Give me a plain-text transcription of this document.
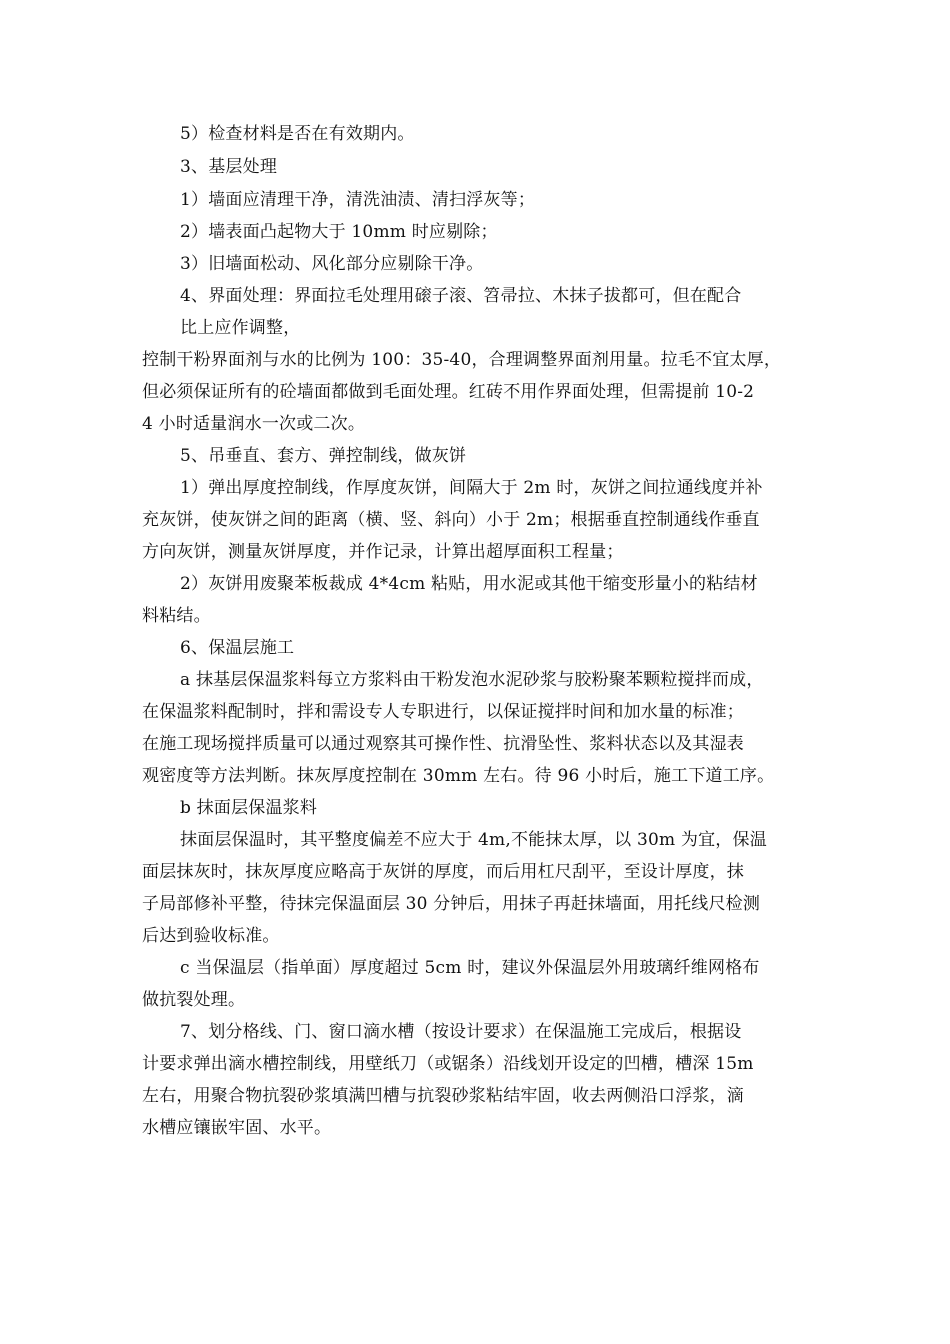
5）检查材料是否在有效期内。
3、基层处理
1）墙面应清理干净，清洗油渍、清扫浮灰等；
2）墙表面凸起物大于 10mm 时应剔除；
3）旧墙面松动、风化部分应剔除干净。
4、界面处理：界面拉毛处理用磙子滚、笤帚拉、木抹子拔都可，但在配合
比上应作调整，
控制干粉界面剂与水的比例为 100：35-40，合理调整界面剂用量。拉毛不宜太厚，
但必须保证所有的砼墙面都做到毛面处理。红砖不用作界面处理，但需提前 10-2
4 小时适量润水一次或二次。
5、吊垂直、套方、弹控制线，做灰饼
1）弹出厚度控制线，作厚度灰饼，间隔大于 2m 时，灰饼之间拉通线度并补
充灰饼，使灰饼之间的距离（横、竖、斜向）小于 2m；根据垂直控制通线作垂直
方向灰饼，测量灰饼厚度，并作记录，计算出超厚面积工程量；
2）灰饼用废聚苯板裁成 4*4cm 粘贴，用水泥或其他干缩变形量小的粘结材
料粘结。
6、保温层施工
a 抹基层保温浆料每立方浆料由干粉发泡水泥砂浆与胶粉聚苯颗粒搅拌而成，
在保温浆料配制时，拌和需设专人专职进行，以保证搅拌时间和加水量的标准；
在施工现场搅拌质量可以通过观察其可操作性、抗滑坠性、浆料状态以及其湿表
观密度等方法判断。抹灰厚度控制在 30mm 左右。待 96 小时后，施工下道工序。
b 抹面层保温浆料
抹面层保温时，其平整度偏差不应大于 4m,不能抹太厚，以 30m 为宜，保温
面层抹灰时，抹灰厚度应略高于灰饼的厚度，而后用杠尺刮平，至设计厚度，抹
子局部修补平整，待抹完保温面层 30 分钟后，用抹子再赶抹墙面，用托线尺检测
后达到验收标准。
c 当保温层（指单面）厚度超过 5cm 时，建议外保温层外用玻璃纤维网格布
做抗裂处理。
7、划分格线、门、窗口滴水槽（按设计要求）在保温施工完成后，根据设
计要求弹出滴水槽控制线，用壁纸刀（或锯条）沿线划开设定的凹槽，槽深 15m
左右，用聚合物抗裂砂浆填满凹槽与抗裂砂浆粘结牢固，收去两侧沿口浮浆，滴
水槽应镶嵌牢固、水平。
